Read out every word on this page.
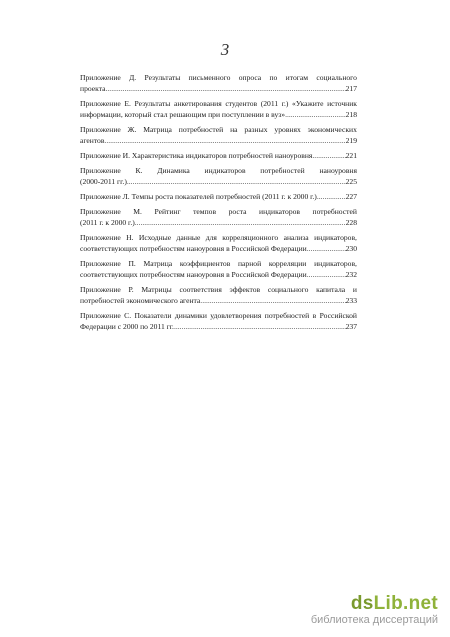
3
Приложение Д. Результаты письменного опроса по итогам социального
проекта .....	217
Приложение Е. Результаты анкетирования студентов (2011 г.) «Укажите источник
информации, который стал решающим при поступлении в вуз» .....	218
Приложение Ж. Матрица потребностей на разных уровнях экономических
агентов .....	219
Приложение И. Характеристика индикаторов потребностей наноуровня .....	221
Приложение К. Динамика индикаторов потребностей наноуровня
(2000-2011 гг.) .....	225
Приложение Л. Темпы роста показателей потребностей (2011 г. к 2000 г.) .....	227
Приложение М. Рейтинг темпов роста индикаторов потребностей
(2011 г. к 2000 г.) .....	228
Приложение Н. Исходные данные для корреляционного анализа индикаторов,
соответствующих потребностям наноуровня в Российской Федерации .....	230
Приложение П. Матрица коэффициентов парной корреляции индикаторов,
соответствующих потребностям наноуровня в Российской Федерации .....	232
Приложение Р. Матрицы соответствия эффектов социального капитала и
потребностей экономического агента .....	233
Приложение С. Показатели динамики удовлетворения потребностей в Российской
Федерации с 2000 по 2011 гг. .....	237
dsLib.net
библиотека диссертаций
